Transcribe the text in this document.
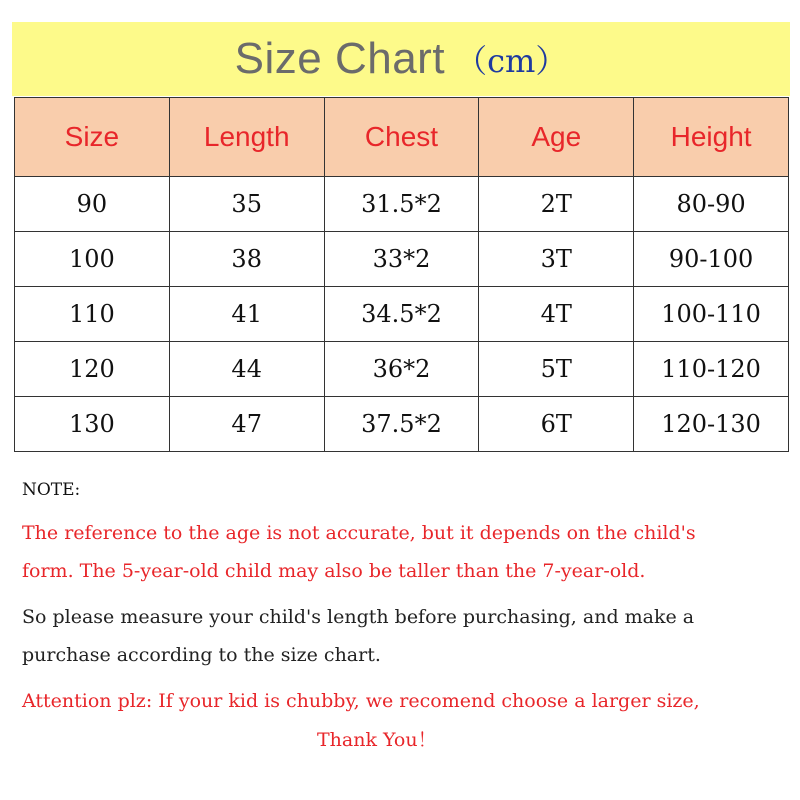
Size Chart （cm）
Size	Length	Chest	Age	Height
90	35	31.5*2	2T	80-90
100	38	33*2	3T	90-100
110	41	34.5*2	4T	100-110
120	44	36*2	5T	110-120
130	47	37.5*2	6T	120-130

NOTE:

The reference to the age is not accurate, but it depends on the child's

form. The 5-year-old child may also be taller than the 7-year-old.

So please measure your child's length before purchasing, and make a

purchase according to the size chart.

Attention plz: If your kid is chubby, we recomend choose a larger size,

Thank You！
